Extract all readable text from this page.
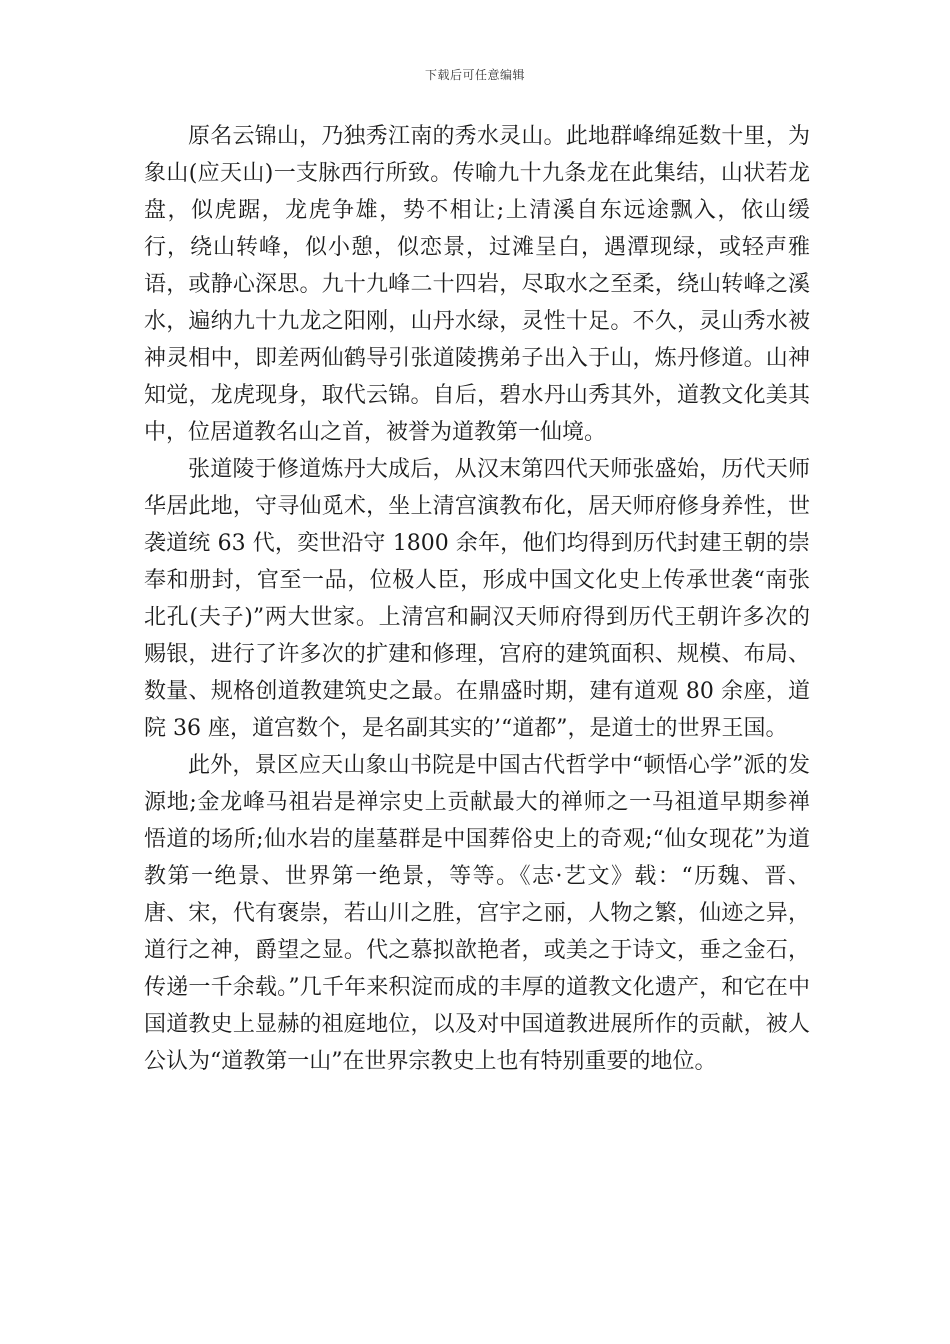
下载后可任意编辑

原名云锦山，乃独秀江南的秀水灵山。此地群峰绵延数十里，为象山(应天山)一支脉西行所致。传喻九十九条龙在此集结，山状若龙盘，似虎踞，龙虎争雄，势不相让;上清溪自东远途飘入，依山缓行，绕山转峰，似小憩，似恋景，过滩呈白，遇潭现绿，或轻声雅语，或静心深思。九十九峰二十四岩，尽取水之至柔，绕山转峰之溪水，遍纳九十九龙之阳刚，山丹水绿，灵性十足。不久，灵山秀水被神灵相中，即差两仙鹤导引张道陵携弟子出入于山，炼丹修道。山神知觉，龙虎现身，取代云锦。自后，碧水丹山秀其外，道教文化美其中，位居道教名山之首，被誉为道教第一仙境。

张道陵于修道炼丹大成后，从汉末第四代天师张盛始，历代天师华居此地，守寻仙觅术，坐上清宫演教布化，居天师府修身养性，世袭道统 63 代，奕世沿守 1800 余年，他们均得到历代封建王朝的崇奉和册封，官至一品，位极人臣，形成中国文化史上传承世袭“南张北孔(夫子)”两大世家。上清宫和嗣汉天师府得到历代王朝许多次的赐银，进行了许多次的扩建和修理，宫府的建筑面积、规模、布局、数量、规格创道教建筑史之最。在鼎盛时期，建有道观 80 余座，道院 36 座，道宫数个，是名副其实的’“道都”，是道士的世界王国。

此外，景区应天山象山书院是中国古代哲学中“顿悟心学”派的发源地;金龙峰马祖岩是禅宗史上贡献最大的禅师之一马祖道早期参禅悟道的场所;仙水岩的崖墓群是中国葬俗史上的奇观;“仙女现花”为道教第一绝景、世界第一绝景，等等。《志·艺文》载：“历魏、晋、唐、宋，代有褒崇，若山川之胜，宫宇之丽，人物之繁，仙迹之异，道行之神，爵望之显。代之慕拟歆艳者，或美之于诗文，垂之金石，传递一千余载。”几千年来积淀而成的丰厚的道教文化遗产，和它在中国道教史上显赫的祖庭地位，以及对中国道教进展所作的贡献，被人公认为“道教第一山”在世界宗教史上也有特别重要的地位。
